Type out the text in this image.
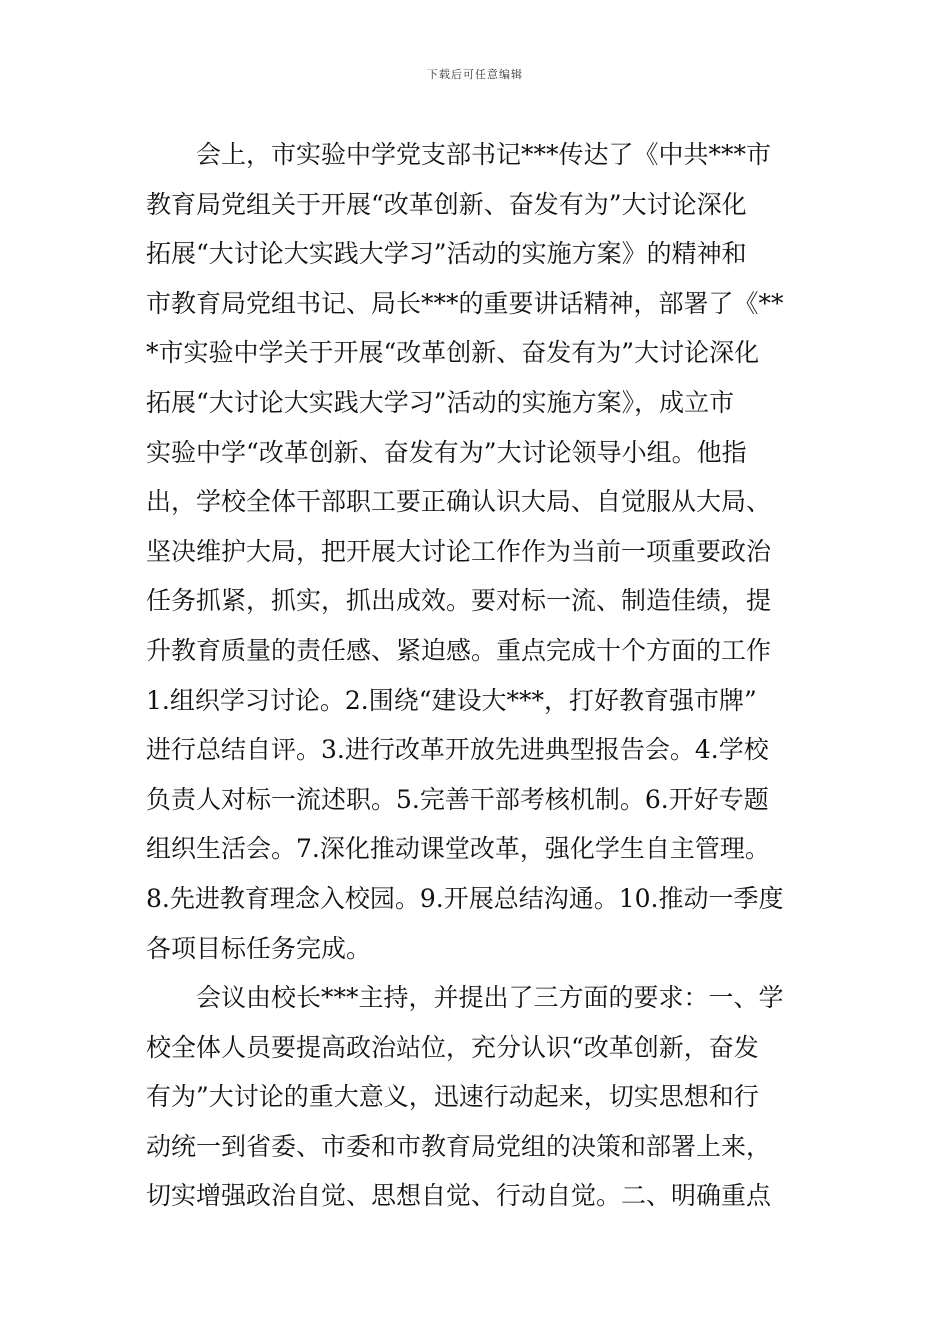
下载后可任意编辑
会上，市实验中学党支部书记***传达了《中共***市
教育局党组关于开展“改革创新、奋发有为”大讨论深化
拓展“大讨论大实践大学习”活动的实施方案》的精神和
市教育局党组书记、局长***的重要讲话精神，部署了《**
*市实验中学关于开展“改革创新、奋发有为”大讨论深化
拓展“大讨论大实践大学习”活动的实施方案》，成立市
实验中学“改革创新、奋发有为”大讨论领导小组。他指
出，学校全体干部职工要正确认识大局、自觉服从大局、
坚决维护大局，把开展大讨论工作作为当前一项重要政治
任务抓紧，抓实，抓出成效。要对标一流、制造佳绩，提
升教育质量的责任感、紧迫感。重点完成十个方面的工作
1.组织学习讨论。2.围绕“建设大***，打好教育强市牌”
进行总结自评。3.进行改革开放先进典型报告会。4.学校
负责人对标一流述职。5.完善干部考核机制。6.开好专题
组织生活会。7.深化推动课堂改革，强化学生自主管理。
8.先进教育理念入校园。9.开展总结沟通。10.推动一季度
各项目标任务完成。
会议由校长***主持，并提出了三方面的要求：一、学
校全体人员要提高政治站位，充分认识“改革创新，奋发
有为”大讨论的重大意义，迅速行动起来，切实思想和行
动统一到省委、市委和市教育局党组的决策和部署上来，
切实增强政治自觉、思想自觉、行动自觉。二、明确重点
